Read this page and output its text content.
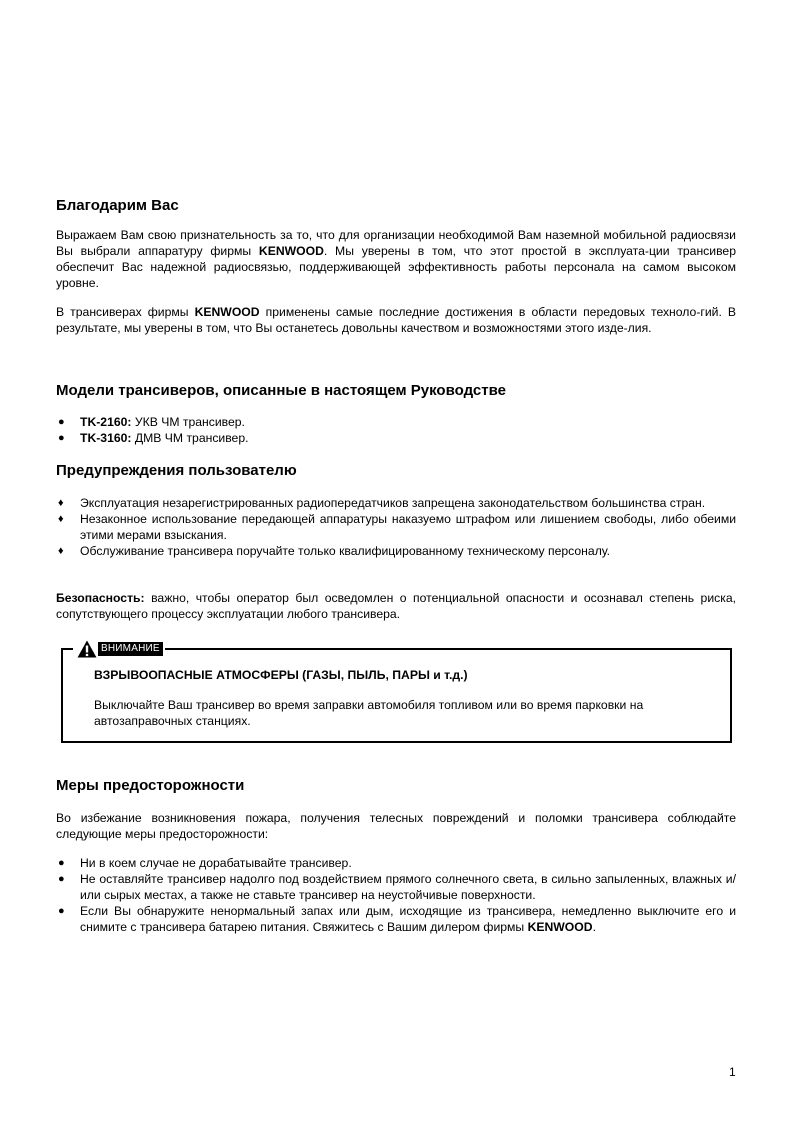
Благодарим Вас

Выражаем Вам свою признательность за то, что для организации необходимой Вам наземной мобильной радиосвязи Вы выбрали аппаратуру фирмы KENWOOD. Мы уверены в том, что этот простой в эксплуата-ции трансивер обеспечит Вас надежной радиосвязью, поддерживающей эффективность работы персонала на самом высоком уровне.

В трансиверах фирмы KENWOOD применены самые последние достижения в области передовых техноло-гий. В результате, мы уверены в том, что Вы останетесь довольны качеством и возможностями этого изде-лия.

Модели трансиверов, описанные в настоящем Руководстве
●	TK-2160: УКВ ЧМ трансивер.
●	TK-3160: ДМВ ЧМ трансивер.
Предупреждения пользователю
♦	Эксплуатация незарегистрированных радиопередатчиков запрещена законодательством большинства стран.
♦	Незаконное использование передающей аппаратуры наказуемо штрафом или лишением свободы, либо обеими этими мерами взыскания.
♦	Обслуживание трансивера поручайте только квалифицированному техническому персоналу.

Безопасность: важно, чтобы оператор был осведомлен о потенциальной опасности и осознавал степень риска, сопутствующего процессу эксплуатации любого трансивера.

ВНИМАНИЕ
ВЗРЫВООПАСНЫЕ АТМОСФЕРЫ (ГАЗЫ, ПЫЛЬ, ПАРЫ и т.д.)
Выключайте Ваш трансивер во время заправки автомобиля топливом или во время парковки на автозаправочных станциях.
Меры предосторожности

Во избежание возникновения пожара, получения телесных повреждений и поломки трансивера соблюдайте следующие меры предосторожности:

●	Ни в коем случае не дорабатывайте трансивер.
●	Не оставляйте трансивер надолго под воздействием прямого солнечного света, в сильно запыленных, влажных и/или сырых местах, а также не ставьте трансивер на неустойчивые поверхности.
●	Если Вы обнаружите ненормальный запах или дым, исходящие из трансивера, немедленно выключите его и снимите с трансивера батарею питания. Свяжитесь с Вашим дилером фирмы KENWOOD.
1
